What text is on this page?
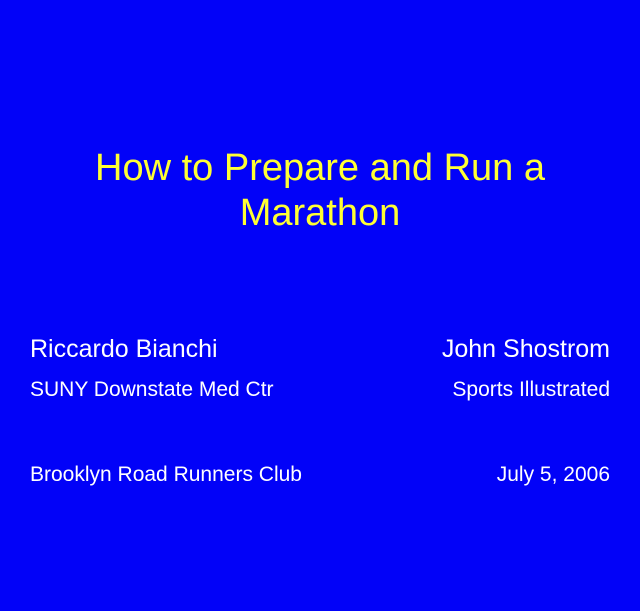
How to Prepare and Run a
Marathon
Riccardo Bianchi
SUNY Downstate Med Ctr
Brooklyn Road Runners Club
John Shostrom
Sports Illustrated
July 5, 2006
